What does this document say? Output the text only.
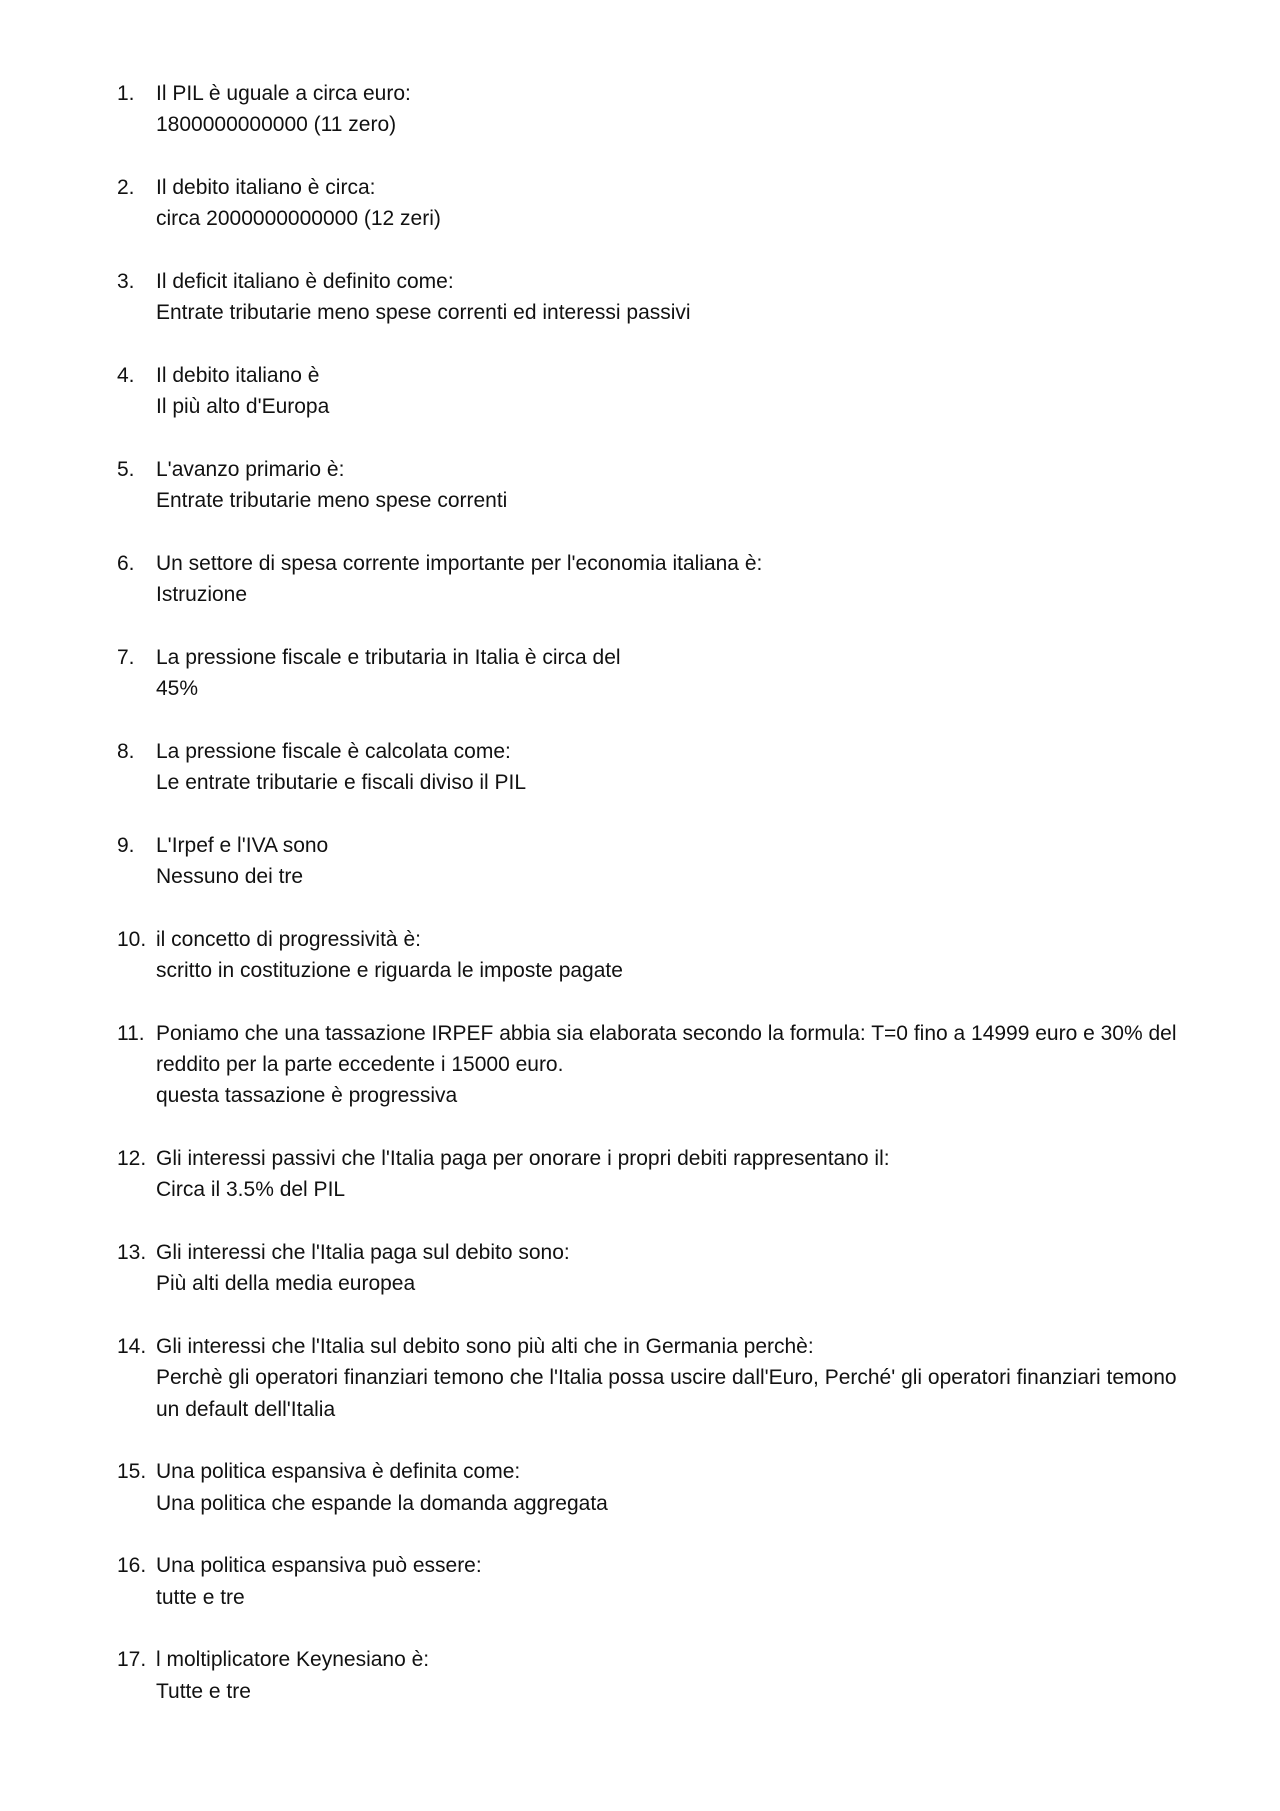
1.	Il PIL è uguale a circa euro:
1800000000000 (11 zero)
2.	Il debito italiano è circa:
circa 2000000000000 (12 zeri)
3.	Il deficit italiano è definito come:
Entrate tributarie meno spese correnti ed interessi passivi
4.	Il debito italiano è
Il più alto d'Europa
5.	L'avanzo primario è:
Entrate tributarie meno spese correnti
6.	Un settore di spesa corrente importante per l'economia italiana è:
Istruzione
7.	La pressione fiscale e tributaria in Italia è circa del
45%
8.	La pressione fiscale è calcolata come:
Le entrate tributarie e fiscali diviso il PIL
9.	L'Irpef e l'IVA sono
Nessuno dei tre
10. il concetto di progressività è:
scritto in costituzione e riguarda le imposte pagate
11. Poniamo che una tassazione IRPEF abbia sia elaborata secondo la formula: T=0 fino a 14999 euro e 30% del reddito per la parte eccedente i 15000 euro.
questa tassazione è progressiva
12. Gli interessi passivi che l'Italia paga per onorare i propri debiti rappresentano il:
Circa il 3.5% del PIL
13. Gli interessi che l'Italia paga sul debito sono:
Più alti della media europea
14. Gli interessi che l'Italia sul debito sono più alti che in Germania perchè:
Perchè gli operatori finanziari temono che l'Italia possa uscire dall'Euro, Perché' gli operatori finanziari temono un default dell'Italia
15. Una politica espansiva è definita come:
Una politica che espande la domanda aggregata
16. Una politica espansiva può essere:
tutte e tre
17. l moltiplicatore Keynesiano è:
Tutte e tre
